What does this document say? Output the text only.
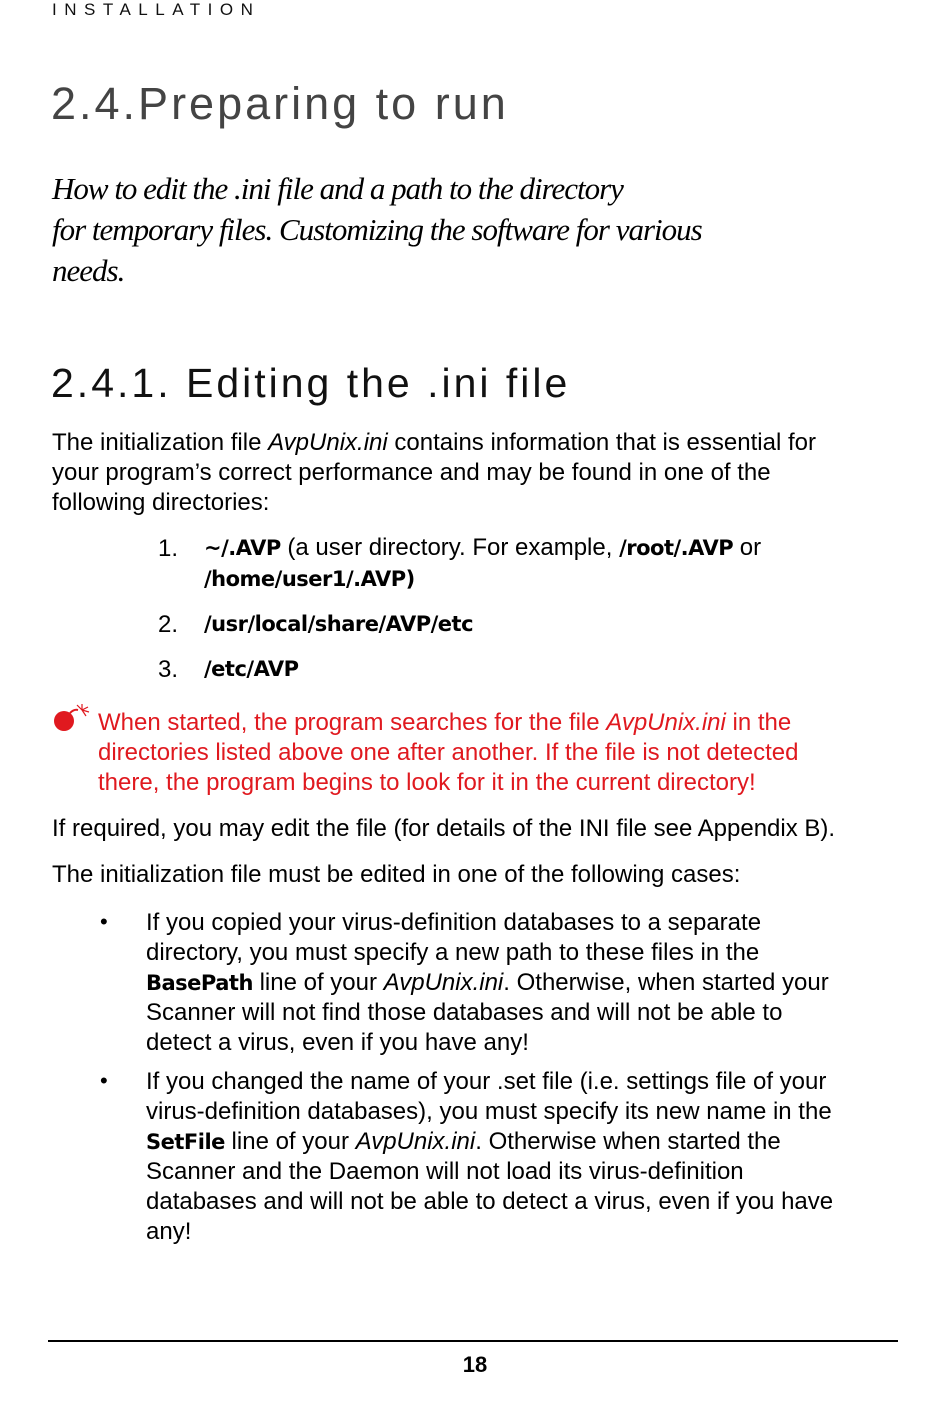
INSTALLATION
2.4.Preparing to run
How to edit the .ini file and a path to the directory
for temporary files. Customizing the software for various
needs.
2.4.1. Editing the .ini file
The initialization file AvpUnix.ini contains information that is essential for
your program’s correct performance and may be found in one of the
following directories:
1. ~/.AVP (a user directory. For example, /root/.AVP or
/home/user1/.AVP)
2. /usr/local/share/AVP/etc
3. /etc/AVP
When started, the program searches for the file AvpUnix.ini in the
directories listed above one after another. If the file is not detected
there, the program begins to look for it in the current directory!
If required, you may edit the file (for details of the INI file see Appendix B).
The initialization file must be edited in one of the following cases:
• If you copied your virus-definition databases to a separate
directory, you must specify a new path to these files in the
BasePath line of your AvpUnix.ini. Otherwise, when started your
Scanner will not find those databases and will not be able to
detect a virus, even if you have any!
• If you changed the name of your .set file (i.e. settings file of your
virus-definition databases), you must specify its new name in the
SetFile line of your AvpUnix.ini. Otherwise when started the
Scanner and the Daemon will not load its virus-definition
databases and will not be able to detect a virus, even if you have
any!
18
